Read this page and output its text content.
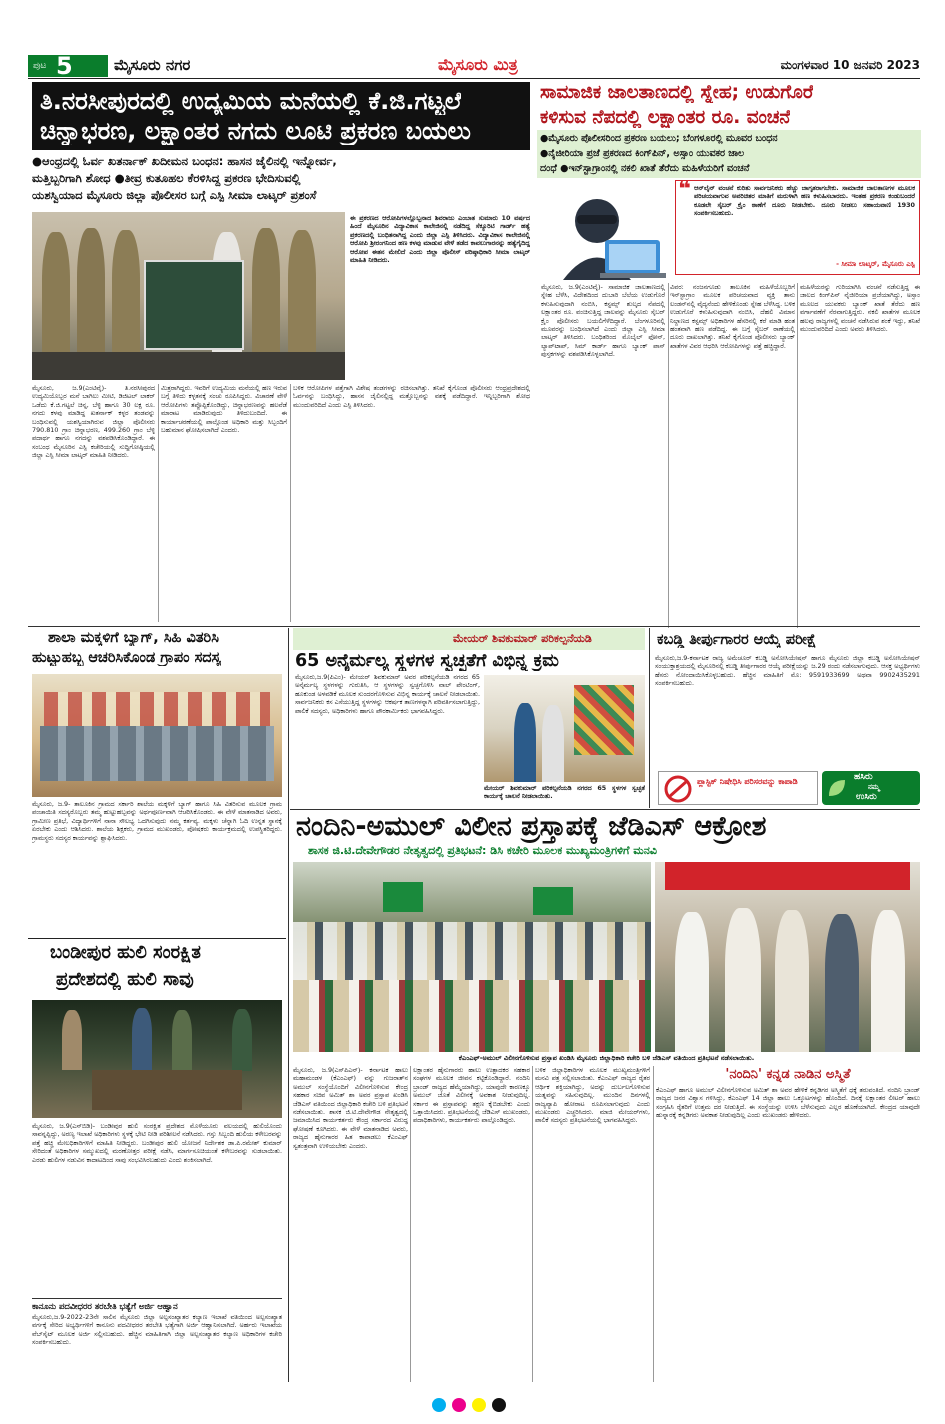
ಪುಟ 5	ಮೈಸೂರು ನಗರ	ಮೈಸೂರು ಮಿತ್ರ	ಮಂಗಳವಾರ 10 ಜನವರಿ 2023
ತಿ.ನರಸೀಪುರದಲ್ಲಿ ಉದ್ಯಮಿಯ ಮನೆಯಲ್ಲಿ ಕೆ.ಜಿ.ಗಟ್ಟಲೆ
ಚಿನ್ನಾಭರಣ, ಲಕ್ಷಾಂತರ ನಗದು ಲೂಟಿ ಪ್ರಕರಣ ಬಯಲು
●ಆಂಧ್ರದಲ್ಲಿ ಓರ್ವ ಖತರ್ನಾಕ್ ಖದೀಮನ ಬಂಧನ: ಹಾಸನ ಜೈಲಿನಲ್ಲಿ ಇನ್ನೋರ್ವ,
ಮತ್ತಿಬ್ಬರಿಗಾಗಿ ಶೋಧ ●ತೀವ್ರ ಕುತೂಹಲ ಕೆರಳಿಸಿದ್ದ ಪ್ರಕರಣ ಭೇದಿಸುವಲ್ಲಿ
ಯಶಸ್ವಿಯಾದ ಮೈಸೂರು ಜಿಲ್ಲಾ ಪೊಲೀಸರ ಬಗ್ಗೆ ಎಸ್ಪಿ ಸೀಮಾ ಲಾಟ್ಕರ್ ಪ್ರಶಂಸೆ
ಈ ಪ್ರಕರಣದ ಆರೋಪಿಗಳಲ್ಲೊಬ್ಬನಾದ ಶಿವರಾಜು ಎಂಬಾತ ಸುಮಾರು 10 ವರ್ಷದ ಹಿಂದೆ ಮೈಸೂರಿನ ವಿದ್ಯಾವಿಕಾಸ ಕಾಲೇಜಿನಲ್ಲಿ ನಡೆದಿದ್ದ ಸೆಕ್ಯೂರಿಟಿ ಗಾರ್ಡ್ ಹತ್ಯೆ ಪ್ರಕರಣದಲ್ಲಿ ಬಂಧಿತನಾಗಿದ್ದ ಎಂದು ಜಿಲ್ಲಾ ಎಸ್ಪಿ ತಿಳಿಸಿದರು. ವಿದ್ಯಾವಿಕಾಸ ಕಾಲೇಜಿನಲ್ಲಿ ಆರೋಪಿ ಶ್ರೀರಂಗನಿಂದ ಹಣ ಕಳವು ಮಾಡುವ ವೇಳೆ ತಡೆದ ಕಾವಲುಗಾರನನ್ನು ಹತ್ಯೆಗೈದಿದ್ದ ಆರೋಪ ಈತನ ಮೇಲಿದೆ ಎಂದು ಜಿಲ್ಲಾ ಪೊಲೀಸ್ ವರಿಷ್ಠಾಧಿಕಾರಿ ಸೀಮಾ ಲಾಟ್ಕರ್ ಮಾಹಿತಿ ನೀಡಿದರು.
ಮೈಸೂರು, ಜ.9(ಎಂಟಿವೈ)- ತಿ.ನರಸೀಪುರದ ಉದ್ಯಮಿಯೊಬ್ಬರ ಮನೆ ಬಾಗಿಲು ಮೀಟಿ, ಡಿಜಿಟಲ್ ಲಾಕರ್ ಒಡೆದು ಕೆ.ಜಿ.ಗಟ್ಟಲೆ ಚಿನ್ನ, ಬೆಳ್ಳಿ ಹಾಗೂ 30 ಲಕ್ಷ ರೂ. ನಗದು ಕಳವು ಮಾಡಿದ್ದ ಖತರ್ನಾಕ್ ಕಳ್ಳರ ತಂಡವನ್ನು ಬಂಧಿಸುವಲ್ಲಿ ಯಶಸ್ವಿಯಾಗಿರುವ ಜಿಲ್ಲಾ ಪೊಲೀಸರು 790.810 ಗ್ರಾಂ ಚಿನ್ನಾಭರಣ, 499.260 ಗ್ರಾಂ ಬೆಳ್ಳಿ ಪದಾರ್ಥ ಹಾಗೂ ನಗದನ್ನು ವಶಪಡಿಸಿಕೊಂಡಿದ್ದಾರೆ. ಈ ಸಂಬಂಧ ಮೈಸೂರಿನ ಎಸ್ಪಿ ಕಚೇರಿಯಲ್ಲಿ ಸುದ್ದಿಗೋಷ್ಠಿಯಲ್ಲಿ ಜಿಲ್ಲಾ ಎಸ್ಪಿ ಸೀಮಾ ಲಾಟ್ಕರ್ ಮಾಹಿತಿ ನೀಡಿದರು.
ಮಿತ್ರರಾಗಿದ್ದರು. ಇವರಿಗೆ ಉದ್ಯಮಿಯ ಮನೆಯಲ್ಲಿ ಹಣ ಇರುವ ಬಗ್ಗೆ ತಿಳಿದು ಕಳ್ಳತನಕ್ಕೆ ಸಂಚು ರೂಪಿಸಿದ್ದರು. ವಿಚಾರಣೆ ವೇಳೆ ಆರೋಪಿಗಳು ತಪ್ಪೊಪ್ಪಿಕೊಂಡಿದ್ದು, ಚಿನ್ನಾಭರಣವನ್ನು ಹಲವೆಡೆ ಮಾರಾಟ ಮಾಡಿರುವುದು ತಿಳಿದುಬಂದಿದೆ. ಈ ಕಾರ್ಯಾಚರಣೆಯಲ್ಲಿ ಪಾಲ್ಗೊಂಡ ಅಧಿಕಾರಿ ಮತ್ತು ಸಿಬ್ಬಂದಿಗೆ ಬಹುಮಾನ ಘೋಷಿಸಲಾಗಿದೆ ಎಂದರು.
ಬಳಿಕ ಆರೋಪಿಗಳ ಪತ್ತೆಗಾಗಿ ವಿಶೇಷ ತಂಡಗಳನ್ನು ರಚಿಸಲಾಗಿತ್ತು. ತನಿಖೆ ಕೈಗೊಂಡ ಪೊಲೀಸರು ಆಂಧ್ರಪ್ರದೇಶದಲ್ಲಿ ಓರ್ವನನ್ನು ಬಂಧಿಸಿದ್ದು, ಹಾಸನ ಜೈಲಿನಲ್ಲಿದ್ದ ಮತ್ತೊಬ್ಬನನ್ನು ವಶಕ್ಕೆ ಪಡೆದಿದ್ದಾರೆ. ಇನ್ನಿಬ್ಬರಿಗಾಗಿ ಶೋಧ ಮುಂದುವರಿದಿದೆ ಎಂದು ಎಸ್ಪಿ ತಿಳಿಸಿದರು.
ಸಾಮಾಜಿಕ ಜಾಲತಾಣದಲ್ಲಿ ಸ್ನೇಹ; ಉಡುಗೊರೆ
ಕಳಿಸುವ ನೆಪದಲ್ಲಿ ಲಕ್ಷಾಂತರ ರೂ. ವಂಚನೆ
●ಮೈಸೂರು ಪೊಲೀಸರಿಂದ ಪ್ರಕರಣ ಬಯಲು; ಬೆಂಗಳೂರಲ್ಲಿ ಮೂವರ ಬಂಧನ
●ನೈಜೀರಿಯಾ ಪ್ರಜೆ ಪ್ರಕರಣದ ಕಿಂಗ್‌ಪಿನ್, ಅಸ್ಸಾಂ ಯುವಕರ ಜಾಲ
ದಂಧೆ ●ಇನ್‌ಸ್ಟಾಗ್ರಾಂನಲ್ಲಿ ನಕಲಿ ಖಾತೆ ತೆರೆದು ಮಹಿಳೆಯರಿಗೆ ವಂಚನೆ
❝ ಆನ್‌ಲೈನ್ ವಂಚನೆ ಕುರಿತು ಸಾರ್ವಜನಿಕರು ಹೆಚ್ಚು ಜಾಗೃತರಾಗಬೇಕು. ಸಾಮಾಜಿಕ ಜಾಲತಾಣಗಳ ಮೂಲಕ ಪರಿಚಯವಾಗುವ ಅಪರಿಚಿತರ ಮಾತಿಗೆ ಮರುಳಾಗಿ ಹಣ ಕಳುಹಿಸಬಾರದು. ಇಂತಹ ಪ್ರಕರಣ ಕಂಡುಬಂದರೆ ಕೂಡಲೇ ಸೈಬರ್ ಕ್ರೈಂ ಠಾಣೆಗೆ ದೂರು ನೀಡಬೇಕು. ದೂರು ನೀಡಲು ಸಹಾಯವಾಣಿ 1930 ಸಂಪರ್ಕಿಸಬಹುದು.
- ಸೀಮಾ ಲಾಟ್ಕರ್, ಮೈಸೂರು ಎಸ್ಪಿ
ಮೈಸೂರು, ಜ.9(ಎಂಟಿವೈ)- ಸಾಮಾಜಿಕ ಜಾಲತಾಣದಲ್ಲಿ ಸ್ನೇಹ ಬೆಳೆಸಿ, ವಿದೇಶದಿಂದ ದುಬಾರಿ ಬೆಲೆಯ ಉಡುಗೊರೆ ಕಳುಹಿಸುವುದಾಗಿ ನಂಬಿಸಿ, ಕಸ್ಟಮ್ಸ್ ಶುಲ್ಕದ ನೆಪದಲ್ಲಿ ಲಕ್ಷಾಂತರ ರೂ. ವಂಚಿಸುತ್ತಿದ್ದ ಜಾಲವನ್ನು ಮೈಸೂರು ಸೈಬರ್ ಕ್ರೈಂ ಪೊಲೀಸರು ಬಯಲಿಗೆಳೆದಿದ್ದಾರೆ. ಬೆಂಗಳೂರಿನಲ್ಲಿ ಮೂವರನ್ನು ಬಂಧಿಸಲಾಗಿದೆ ಎಂದು ಜಿಲ್ಲಾ ಎಸ್ಪಿ ಸೀಮಾ ಲಾಟ್ಕರ್ ತಿಳಿಸಿದರು. ಬಂಧಿತರಿಂದ ಮೊಬೈಲ್ ಫೋನ್, ಲ್ಯಾಪ್‌ಟಾಪ್, ಸಿಮ್ ಕಾರ್ಡ್ ಹಾಗೂ ಬ್ಯಾಂಕ್ ಪಾಸ್ ಪುಸ್ತಕಗಳನ್ನು ವಶಪಡಿಸಿಕೊಳ್ಳಲಾಗಿದೆ.
ವಿವರ: ನಂಜನಗೂಡು ತಾಲೂಕಿನ ಮಹಿಳೆಯೊಬ್ಬರಿಗೆ ಇನ್‌ಸ್ಟಾಗ್ರಾಂ ಮೂಲಕ ಪರಿಚಯವಾದ ವ್ಯಕ್ತಿ ತಾನು ಲಂಡನ್‌ನಲ್ಲಿ ವೈದ್ಯನೆಂದು ಹೇಳಿಕೊಂಡು ಸ್ನೇಹ ಬೆಳೆಸಿದ್ದ. ಬಳಿಕ ಉಡುಗೊರೆ ಕಳುಹಿಸುವುದಾಗಿ ನಂಬಿಸಿ, ದೆಹಲಿ ವಿಮಾನ ನಿಲ್ದಾಣದ ಕಸ್ಟಮ್ಸ್ ಅಧಿಕಾರಿಗಳ ಹೆಸರಿನಲ್ಲಿ ಕರೆ ಮಾಡಿ ಹಂತ ಹಂತವಾಗಿ ಹಣ ಪಡೆದಿದ್ದ. ಈ ಬಗ್ಗೆ ಸೈಬರ್ ಠಾಣೆಯಲ್ಲಿ ದೂರು ದಾಖಲಾಗಿತ್ತು. ತನಿಖೆ ಕೈಗೊಂಡ ಪೊಲೀಸರು ಬ್ಯಾಂಕ್ ಖಾತೆಗಳ ವಿವರ ಆಧರಿಸಿ ಆರೋಪಿಗಳನ್ನು ಪತ್ತೆ ಹಚ್ಚಿದ್ದಾರೆ.
ಮಹಿಳೆಯರನ್ನು ಗುರಿಯಾಗಿಸಿ ವಂಚನೆ ನಡೆಸುತ್ತಿದ್ದ ಈ ಜಾಲದ ಕಿಂಗ್‌ಪಿನ್ ನೈಜೀರಿಯಾ ಪ್ರಜೆಯಾಗಿದ್ದು, ಅಸ್ಸಾಂ ಮೂಲದ ಯುವಕರು ಬ್ಯಾಂಕ್ ಖಾತೆ ತೆರೆದು ಹಣ ವರ್ಗಾವಣೆಗೆ ನೆರವಾಗುತ್ತಿದ್ದರು. ನಕಲಿ ಖಾತೆಗಳ ಮೂಲಕ ಹಲವು ರಾಜ್ಯಗಳಲ್ಲಿ ವಂಚನೆ ನಡೆಸಿರುವ ಶಂಕೆ ಇದ್ದು, ತನಿಖೆ ಮುಂದುವರಿದಿದೆ ಎಂದು ಅವರು ತಿಳಿಸಿದರು.
ಶಾಲಾ ಮಕ್ಕಳಿಗೆ ಬ್ಯಾಗ್, ಸಿಹಿ ವಿತರಿಸಿ
ಹುಟ್ಟುಹಬ್ಬ ಆಚರಿಸಿಕೊಂಡ ಗ್ರಾಪಂ ಸದಸ್ಯ
ಮೈಸೂರು, ಜ.9- ತಾಲೂಕಿನ ಗ್ರಾಮದ ಸರ್ಕಾರಿ ಶಾಲೆಯ ಮಕ್ಕಳಿಗೆ ಬ್ಯಾಗ್ ಹಾಗೂ ಸಿಹಿ ವಿತರಿಸುವ ಮೂಲಕ ಗ್ರಾಮ ಪಂಚಾಯಿತಿ ಸದಸ್ಯರೊಬ್ಬರು ತಮ್ಮ ಹುಟ್ಟುಹಬ್ಬವನ್ನು ಅರ್ಥಪೂರ್ಣವಾಗಿ ಆಚರಿಸಿಕೊಂಡರು. ಈ ವೇಳೆ ಮಾತನಾಡಿದ ಅವರು, ಗ್ರಾಮೀಣ ಪ್ರತಿಭೆ, ವಿದ್ಯಾರ್ಥಿಗಳಿಗೆ ನಾನಾ ಸೌಲಭ್ಯ ಒದಗಿಸುವುದು ನಮ್ಮ ಕರ್ತವ್ಯ. ಮಕ್ಕಳು ಚೆನ್ನಾಗಿ ಓದಿ ಉನ್ನತ ಸ್ಥಾನಕ್ಕೆ ಏರಬೇಕು ಎಂದು ಆಶಿಸಿದರು. ಶಾಲೆಯ ಶಿಕ್ಷಕರು, ಗ್ರಾಮದ ಮುಖಂಡರು, ಪೋಷಕರು ಕಾರ್ಯಕ್ರಮದಲ್ಲಿ ಉಪಸ್ಥಿತರಿದ್ದರು. ಗ್ರಾಮಸ್ಥರು ಸದಸ್ಯರ ಕಾರ್ಯವನ್ನು ಶ್ಲಾಘಿಸಿದರು.
ಬಂಡೀಪುರ ಹುಲಿ ಸಂರಕ್ಷಿತ
ಪ್ರದೇಶದಲ್ಲಿ ಹುಲಿ ಸಾವು
ಮೈಸೂರು, ಜ.9(ಎಸ್‌ಬಿಡಿ)- ಬಂಡೀಪುರ ಹುಲಿ ಸಂರಕ್ಷಿತ ಪ್ರದೇಶದ ಮೊಳೆಯೂರು ವಲಯದಲ್ಲಿ ಹುಲಿಯೊಂದು ಸಾವನ್ನಪ್ಪಿದ್ದು, ಅರಣ್ಯ ಇಲಾಖೆ ಅಧಿಕಾರಿಗಳು ಸ್ಥಳಕ್ಕೆ ಭೇಟಿ ನೀಡಿ ಪರಿಶೀಲನೆ ನಡೆಸಿದರು. ಗಸ್ತು ಸಿಬ್ಬಂದಿ ಹುಲಿಯ ಕಳೇಬರವನ್ನು ಪತ್ತೆ ಹಚ್ಚಿ ಮೇಲಧಿಕಾರಿಗಳಿಗೆ ಮಾಹಿತಿ ನೀಡಿದ್ದರು. ಬಂಡೀಪುರ ಹುಲಿ ಯೋಜನೆ ನಿರ್ದೇಶಕ ಡಾ.ಪಿ.ರಮೇಶ್ ಕುಮಾರ್ ಸೇರಿದಂತೆ ಅಧಿಕಾರಿಗಳ ಸಮ್ಮುಖದಲ್ಲಿ ಮರಣೋತ್ತರ ಪರೀಕ್ಷೆ ನಡೆಸಿ, ಮಾರ್ಗಸೂಚಿಯಂತೆ ಕಳೇಬರವನ್ನು ಸುಡಲಾಯಿತು. ಎರಡು ಹುಲಿಗಳ ನಡುವಿನ ಕಾದಾಟದಿಂದ ಸಾವು ಸಂಭವಿಸಿರಬಹುದು ಎಂದು ಶಂಕಿಸಲಾಗಿದೆ.
ಕಾನೂನು ಪದವೀಧರರ ತರಬೇತಿ ಭತ್ಯೆಗೆ ಅರ್ಜಿ ಆಹ್ವಾನ
ಮೈಸೂರು,ಜ.9-2022-23ನೇ ಸಾಲಿನ ಮೈಸೂರು ಜಿಲ್ಲಾ ಅಲ್ಪಸಂಖ್ಯಾತರ ಕಲ್ಯಾಣ ಇಲಾಖೆ ವತಿಯಿಂದ ಅಲ್ಪಸಂಖ್ಯಾತ ವರ್ಗಕ್ಕೆ ಸೇರಿದ ಅಭ್ಯರ್ಥಿಗಳಿಗೆ ಕಾನೂನು ಪದವೀಧರರ ತರಬೇತಿ ಭತ್ಯೆಗಾಗಿ ಅರ್ಜಿ ಆಹ್ವಾನಿಸಲಾಗಿದೆ. ಅರ್ಹರು ಇಲಾಖೆಯ ವೆಬ್‌ಸೈಟ್ ಮೂಲಕ ಅರ್ಜಿ ಸಲ್ಲಿಸಬಹುದು. ಹೆಚ್ಚಿನ ಮಾಹಿತಿಗಾಗಿ ಜಿಲ್ಲಾ ಅಲ್ಪಸಂಖ್ಯಾತರ ಕಲ್ಯಾಣ ಅಧಿಕಾರಿಗಳ ಕಚೇರಿ ಸಂಪರ್ಕಿಸಬಹುದು.
ಮೇಯರ್ ಶಿವಕುಮಾರ್ ಪರಿಕಲ್ಪನೆಯಡಿ
65 ಅನೈರ್ಮಲ್ಯ ಸ್ಥಳಗಳ ಸ್ವಚ್ಛತೆಗೆ ವಿಭಿನ್ನ ಕ್ರಮ
ಮೈಸೂರು,ಜ.9(ಪಿಎಂ)- ಮೇಯರ್ ಶಿವಕುಮಾರ್ ಅವರ ಪರಿಕಲ್ಪನೆಯಡಿ ನಗರದ 65 ಅನೈರ್ಮಲ್ಯ ಸ್ಥಳಗಳನ್ನು ಗುರುತಿಸಿ, ಆ ಸ್ಥಳಗಳನ್ನು ಸ್ವಚ್ಛಗೊಳಿಸಿ ವಾಲ್ ಪೇಂಟಿಂಗ್, ಹೂಕುಂಡ ಅಳವಡಿಕೆ ಮೂಲಕ ಸುಂದರಗೊಳಿಸುವ ವಿಭಿನ್ನ ಕಾರ್ಯಕ್ಕೆ ಚಾಲನೆ ನೀಡಲಾಯಿತು. ಸಾರ್ವಜನಿಕರು ಕಸ ಎಸೆಯುತ್ತಿದ್ದ ಸ್ಥಳಗಳನ್ನು ಆಕರ್ಷಕ ತಾಣಗಳನ್ನಾಗಿ ಪರಿವರ್ತಿಸಲಾಗುತ್ತಿದ್ದು, ಪಾಲಿಕೆ ಸದಸ್ಯರು, ಅಧಿಕಾರಿಗಳು ಹಾಗೂ ಪೌರಕಾರ್ಮಿಕರು ಭಾಗವಹಿಸಿದ್ದರು.
ಮೇಯರ್ ಶಿವಕುಮಾರ್ ಪರಿಕಲ್ಪನೆಯಡಿ ನಗರದ 65 ಸ್ಥಳಗಳ ಸ್ವಚ್ಛತೆ ಕಾರ್ಯಕ್ಕೆ ಚಾಲನೆ ನೀಡಲಾಯಿತು.
ಕಬಡ್ಡಿ ತೀರ್ಪುಗಾರರ ಆಯ್ಕೆ ಪರೀಕ್ಷೆ
ಮೈಸೂರು,ಜ.9-ಕರ್ನಾಟಕ ರಾಜ್ಯ ಅಮೆಚೂರ್ ಕಬಡ್ಡಿ ಅಸೋಸಿಯೇಷನ್ ಹಾಗೂ ಮೈಸೂರು ಜಿಲ್ಲಾ ಕಬಡ್ಡಿ ಅಸೋಸಿಯೇಷನ್ ಸಂಯುಕ್ತಾಶ್ರಯದಲ್ಲಿ ಮೈಸೂರಿನಲ್ಲಿ ಕಬಡ್ಡಿ ತೀರ್ಪುಗಾರರ ಆಯ್ಕೆ ಪರೀಕ್ಷೆಯನ್ನು ಜ.29 ರಂದು ನಡೆಸಲಾಗುವುದು. ಆಸಕ್ತ ಅಭ್ಯರ್ಥಿಗಳು ಹೆಸರು ನೋಂದಾಯಿಸಿಕೊಳ್ಳಬಹುದು. ಹೆಚ್ಚಿನ ಮಾಹಿತಿಗೆ ಮೊ: 9591933699 ಅಥವಾ 9902435291 ಸಂಪರ್ಕಿಸಬಹುದು.
ಪ್ಲಾಸ್ಟಿಕ್ ನಿಷೇಧಿಸಿ ಪರಿಸರವನ್ನು ಕಾಪಾಡಿ	ಹಸಿರು
ನಮ್ಮ
ಉಸಿರು
ನಂದಿನಿ-ಅಮುಲ್ ವಿಲೀನ ಪ್ರಸ್ತಾಪಕ್ಕೆ ಜೆಡಿಎಸ್ ಆಕ್ರೋಶ
ಶಾಸಕ ಜಿ.ಟಿ.ದೇವೇಗೌಡರ ನೇತೃತ್ವದಲ್ಲಿ ಪ್ರತಿಭಟನೆ: ಡಿಸಿ ಕಚೇರಿ ಮೂಲಕ ಮುಖ್ಯಮಂತ್ರಿಗಳಿಗೆ ಮನವಿ
ಕೆಎಂಎಫ್-ಅಮುಲ್ ವಿಲೀನಗೊಳಿಸುವ ಪ್ರಸ್ತಾಪ ಖಂಡಿಸಿ ಮೈಸೂರು ಜಿಲ್ಲಾಧಿಕಾರಿ ಕಚೇರಿ ಬಳಿ ಜೆಡಿಎಸ್ ವತಿಯಿಂದ ಪ್ರತಿಭಟನೆ ನಡೆಸಲಾಯಿತು.
ಮೈಸೂರು, ಜ.9(ಎಸ್‌ಪಿಎನ್)- ಕರ್ನಾಟಕ ಹಾಲು ಮಹಾಮಂಡಳ (ಕೆಎಂಎಫ್) ವನ್ನು ಗುಜರಾತ್‌ನ ಅಮುಲ್ ಸಂಸ್ಥೆಯೊಂದಿಗೆ ವಿಲೀನಗೊಳಿಸುವ ಕೇಂದ್ರ ಸಹಕಾರ ಸಚಿವ ಅಮಿತ್ ಶಾ ಅವರ ಪ್ರಸ್ತಾಪ ಖಂಡಿಸಿ ಜೆಡಿಎಸ್ ವತಿಯಿಂದ ಜಿಲ್ಲಾಧಿಕಾರಿ ಕಚೇರಿ ಬಳಿ ಪ್ರತಿಭಟನೆ ನಡೆಸಲಾಯಿತು. ಶಾಸಕ ಜಿ.ಟಿ.ದೇವೇಗೌಡ ನೇತೃತ್ವದಲ್ಲಿ ಜಮಾಯಿಸಿದ ಕಾರ್ಯಕರ್ತರು ಕೇಂದ್ರ ಸರ್ಕಾರದ ವಿರುದ್ಧ ಘೋಷಣೆ ಕೂಗಿದರು. ಈ ವೇಳೆ ಮಾತನಾಡಿದ ಅವರು, ರಾಜ್ಯದ ಹೈನುಗಾರರ ಹಿತ ಕಾಪಾಡಲು ಕೆಎಂಎಫ್ ಸ್ವತಂತ್ರವಾಗಿ ಉಳಿಯಬೇಕು ಎಂದರು.
ಲಕ್ಷಾಂತರ ಹೈನುಗಾರರು ಹಾಲು ಉತ್ಪಾದಕರ ಸಹಕಾರ ಸಂಘಗಳ ಮೂಲಕ ಜೀವನ ಕಟ್ಟಿಕೊಂಡಿದ್ದಾರೆ. ನಂದಿನಿ ಬ್ರಾಂಡ್ ರಾಜ್ಯದ ಹೆಮ್ಮೆಯಾಗಿದ್ದು, ಯಾವುದೇ ಕಾರಣಕ್ಕೂ ಅಮುಲ್ ಜೊತೆ ವಿಲೀನಕ್ಕೆ ಅವಕಾಶ ನೀಡುವುದಿಲ್ಲ. ಸರ್ಕಾರ ಈ ಪ್ರಸ್ತಾಪವನ್ನು ತಕ್ಷಣ ಕೈಬಿಡಬೇಕು ಎಂದು ಒತ್ತಾಯಿಸಿದರು. ಪ್ರತಿಭಟನೆಯಲ್ಲಿ ಜೆಡಿಎಸ್ ಮುಖಂಡರು, ಪದಾಧಿಕಾರಿಗಳು, ಕಾರ್ಯಕರ್ತರು ಪಾಲ್ಗೊಂಡಿದ್ದರು.
ಬಳಿಕ ಜಿಲ್ಲಾಧಿಕಾರಿಗಳ ಮೂಲಕ ಮುಖ್ಯಮಂತ್ರಿಗಳಿಗೆ ಮನವಿ ಪತ್ರ ಸಲ್ಲಿಸಲಾಯಿತು. ಕೆಎಂಎಫ್ ರಾಜ್ಯದ ರೈತರ ಆರ್ಥಿಕ ಶಕ್ತಿಯಾಗಿದ್ದು, ಅದನ್ನು ದುರ್ಬಲಗೊಳಿಸುವ ಯತ್ನವನ್ನು ಸಹಿಸುವುದಿಲ್ಲ. ಮುಂದಿನ ದಿನಗಳಲ್ಲಿ ರಾಜ್ಯವ್ಯಾಪಿ ಹೋರಾಟ ರೂಪಿಸಲಾಗುವುದು ಎಂದು ಮುಖಂಡರು ಎಚ್ಚರಿಸಿದರು. ಮಾಜಿ ಮೇಯರ್‌ಗಳು, ಪಾಲಿಕೆ ಸದಸ್ಯರು ಪ್ರತಿಭಟನೆಯಲ್ಲಿ ಭಾಗವಹಿಸಿದ್ದರು.
'ನಂದಿನಿ' ಕನ್ನಡ ನಾಡಿನ ಅಸ್ಮಿತೆ
ಕೆಎಂಎಫ್ ಹಾಗೂ ಅಮುಲ್ ವಿಲೀನಗೊಳಿಸುವ ಅಮಿತ್ ಶಾ ಅವರ ಹೇಳಿಕೆ ಕನ್ನಡಿಗರ ಅಸ್ಮಿತೆಗೆ ಧಕ್ಕೆ ತರುವಂತಿದೆ. ನಂದಿನಿ ಬ್ರಾಂಡ್ ರಾಜ್ಯದ ಜನರ ವಿಶ್ವಾಸ ಗಳಿಸಿದ್ದು, ಕೆಎಂಎಫ್ 14 ಜಿಲ್ಲಾ ಹಾಲು ಒಕ್ಕೂಟಗಳನ್ನು ಹೊಂದಿದೆ. ದಿನಕ್ಕೆ ಲಕ್ಷಾಂತರ ಲೀಟರ್ ಹಾಲು ಸಂಗ್ರಹಿಸಿ ರೈತರಿಗೆ ಉತ್ತಮ ದರ ನೀಡುತ್ತಿದೆ. ಈ ಸಂಸ್ಥೆಯನ್ನು ಉಳಿಸಿ ಬೆಳೆಸುವುದು ಎಲ್ಲರ ಹೊಣೆಯಾಗಿದೆ. ಕೇಂದ್ರದ ಯಾವುದೇ ಹುನ್ನಾರಕ್ಕೆ ಕನ್ನಡಿಗರು ಅವಕಾಶ ನೀಡುವುದಿಲ್ಲ ಎಂದು ಮುಖಂಡರು ಹೇಳಿದರು.
